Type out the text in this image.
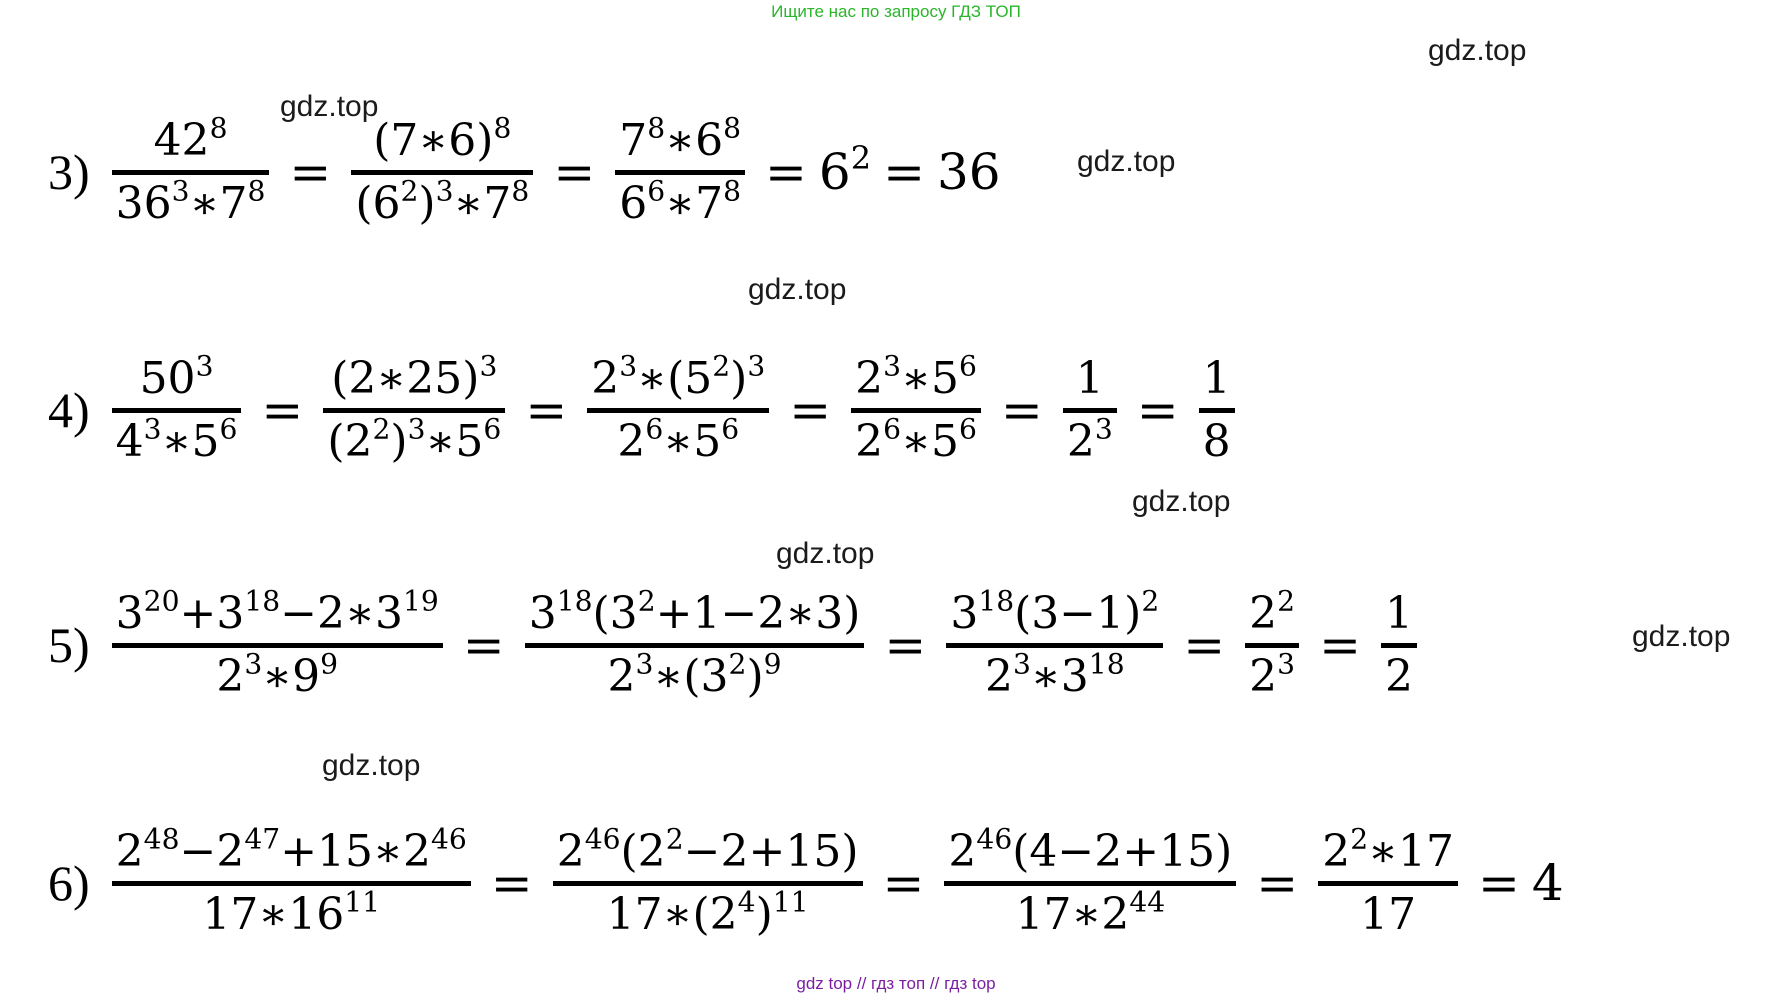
Ищите нас по запросу ГДЗ ТОП
gdz.top
gdz.top
gdz.top
gdz.top
gdz.top
gdz.top
gdz.top
gdz.top
3)
$42^8$
$36^3∗7^8$ =
(7∗6)$^8$
$(6^2)^3∗7^8$ =
$7^8∗6^8$
$6^6∗7^8 = 6^2 = 36$
4)
$50^3$
$4^3∗5^6$ =
(2∗25)$^3$
$(2^2)^3∗5^6$ =
$2^3∗(5^2)^3$
$2^6∗5^6$ =
$2^3∗5^6$
$2^6∗5^6$ =
1
$2^3$ =
1
8
5)
$3^{20}+3^{18}-2∗3^{19}$
$2^3∗9^9$ =
$3^{18}(3^2+1-2∗3)$
$2^3∗(3^2)^9$ =
$3^{18}(3-1)^2$
$2^3∗3^{18}$ =
$2^2$
$2^3$ =
1
2
6)
$2^{48}-2^{47}+15∗2^{46}$
$17∗16^{11}$ =
$2^{46}(2^2-2+15)$
$17∗(2^4)^{11}$ =
$2^{46}(4-2+15)$
$17∗2^{44}$ =
$2^2∗17$
17
= 4
gdz top // гдз топ // гдз top
